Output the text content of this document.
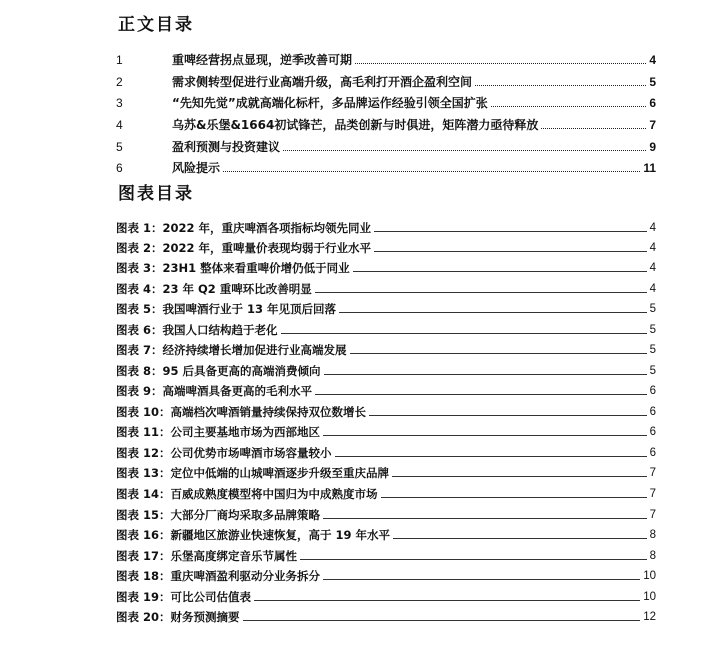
正文目录
1	重啤经营拐点显现，逆季改善可期	4
2	需求侧转型促进行业高端升级，高毛利打开酒企盈利空间	5
3	“先知先觉”成就高端化标杆，多品牌运作经验引领全国扩张	6
4	乌苏&乐堡&1664初试锋芒，品类创新与时俱进，矩阵潜力亟待释放	7
5	盈利预测与投资建议	9
6	风险提示	11
图表目录
图表 1： 2022 年，重庆啤酒各项指标均领先同业	4
图表 2： 2022 年，重啤量价表现均弱于行业水平	4
图表 3： 23H1 整体来看重啤价增仍低于同业	4
图表 4： 23 年 Q2 重啤环比改善明显	4
图表 5： 我国啤酒行业于 13 年见顶后回落	5
图表 6： 我国人口结构趋于老化	5
图表 7： 经济持续增长增加促进行业高端发展	5
图表 8： 95 后具备更高的高端消费倾向	5
图表 9： 高端啤酒具备更高的毛利水平	6
图表 10： 高端档次啤酒销量持续保持双位数增长	6
图表 11： 公司主要基地市场为西部地区	6
图表 12： 公司优势市场啤酒市场容量较小	6
图表 13： 定位中低端的山城啤酒逐步升级至重庆品牌	7
图表 14： 百威成熟度模型将中国归为中成熟度市场	7
图表 15： 大部分厂商均采取多品牌策略	7
图表 16： 新疆地区旅游业快速恢复，高于 19 年水平	8
图表 17： 乐堡高度绑定音乐节属性	8
图表 18： 重庆啤酒盈利驱动分业务拆分	10
图表 19： 可比公司估值表	10
图表 20： 财务预测摘要	12
